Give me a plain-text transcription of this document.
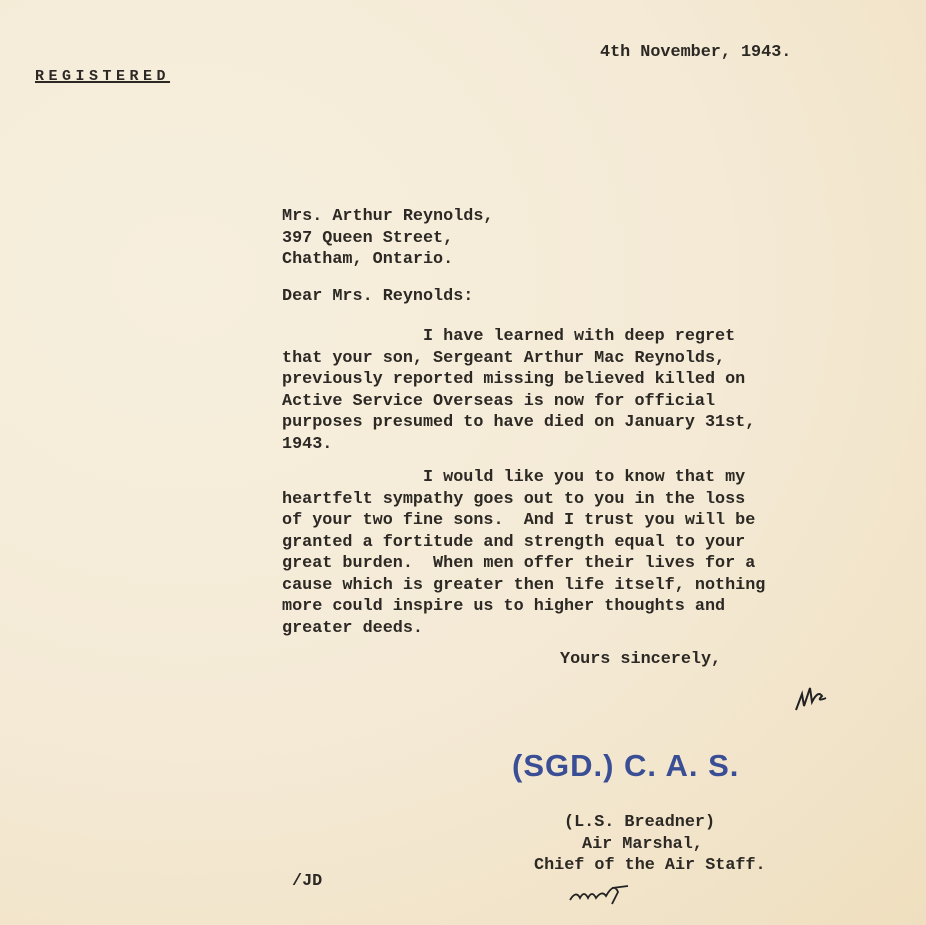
4th November, 1943.
REGISTERED
Mrs. Arthur Reynolds,
397 Queen Street,
Chatham, Ontario.
Dear Mrs. Reynolds:
I have learned with deep regret
that your son, Sergeant Arthur Mac Reynolds,
previously reported missing believed killed on
Active Service Overseas is now for official
purposes presumed to have died on January 31st,
1943.
I would like you to know that my
heartfelt sympathy goes out to you in the loss
of your two fine sons.  And I trust you will be
granted a fortitude and strength equal to your
great burden.  When men offer their lives for a
cause which is greater then life itself, nothing
more could inspire us to higher thoughts and
greater deeds.
Yours sincerely,
(SGD.) C. A. S.
(L.S. Breadner)
Air Marshal,
Chief of the Air Staff.
/JD
